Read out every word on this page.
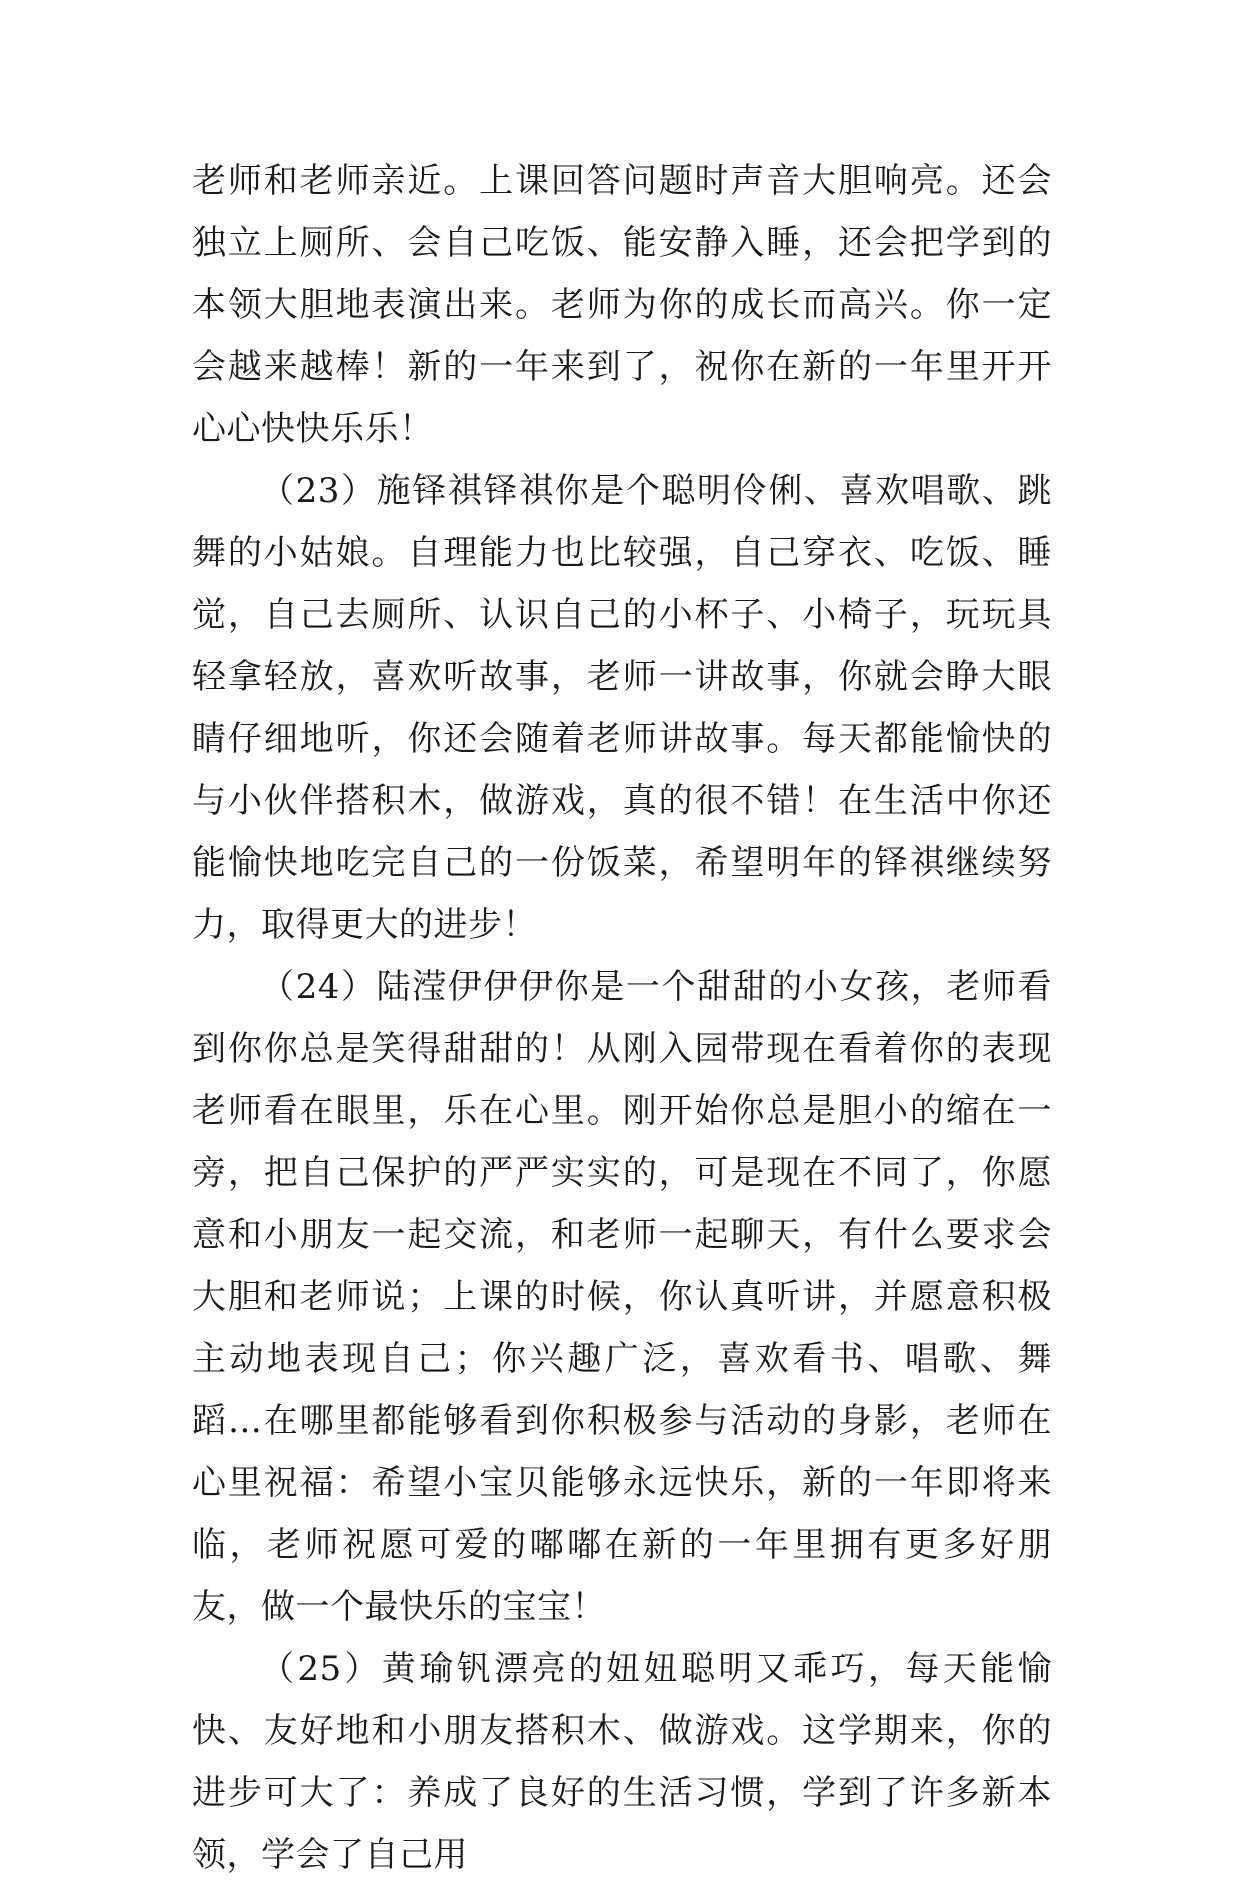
老师和老师亲近。上课回答问题时声音大胆响亮。还会独立上厕所、会自己吃饭、能安静入睡，还会把学到的本领大胆地表演出来。老师为你的成长而高兴。你一定会越来越棒！新的一年来到了，祝你在新的一年里开开心心快快乐乐！

（23）施铎祺铎祺你是个聪明伶俐、喜欢唱歌、跳舞的小姑娘。自理能力也比较强，自己穿衣、吃饭、睡觉，自己去厕所、认识自己的小杯子、小椅子，玩玩具轻拿轻放，喜欢听故事，老师一讲故事，你就会睁大眼睛仔细地听，你还会随着老师讲故事。每天都能愉快的与小伙伴搭积木，做游戏，真的很不错！在生活中你还能愉快地吃完自己的一份饭菜，希望明年的铎祺继续努力，取得更大的进步！

（24）陆滢伊伊伊你是一个甜甜的小女孩，老师看到你你总是笑得甜甜的！从刚入园带现在看着你的表现老师看在眼里，乐在心里。刚开始你总是胆小的缩在一旁，把自己保护的严严实实的，可是现在不同了，你愿意和小朋友一起交流，和老师一起聊天，有什么要求会大胆和老师说；上课的时候，你认真听讲，并愿意积极主动地表现自己；你兴趣广泛，喜欢看书、唱歌、舞蹈…在哪里都能够看到你积极参与活动的身影，老师在心里祝福：希望小宝贝能够永远快乐，新的一年即将来临，老师祝愿可爱的嘟嘟在新的一年里拥有更多好朋友，做一个最快乐的宝宝！

（25）黄瑜钒漂亮的妞妞聪明又乖巧，每天能愉快、友好地和小朋友搭积木、做游戏。这学期来，你的进步可大了：养成了良好的生活习惯，学到了许多新本领，学会了自己用
